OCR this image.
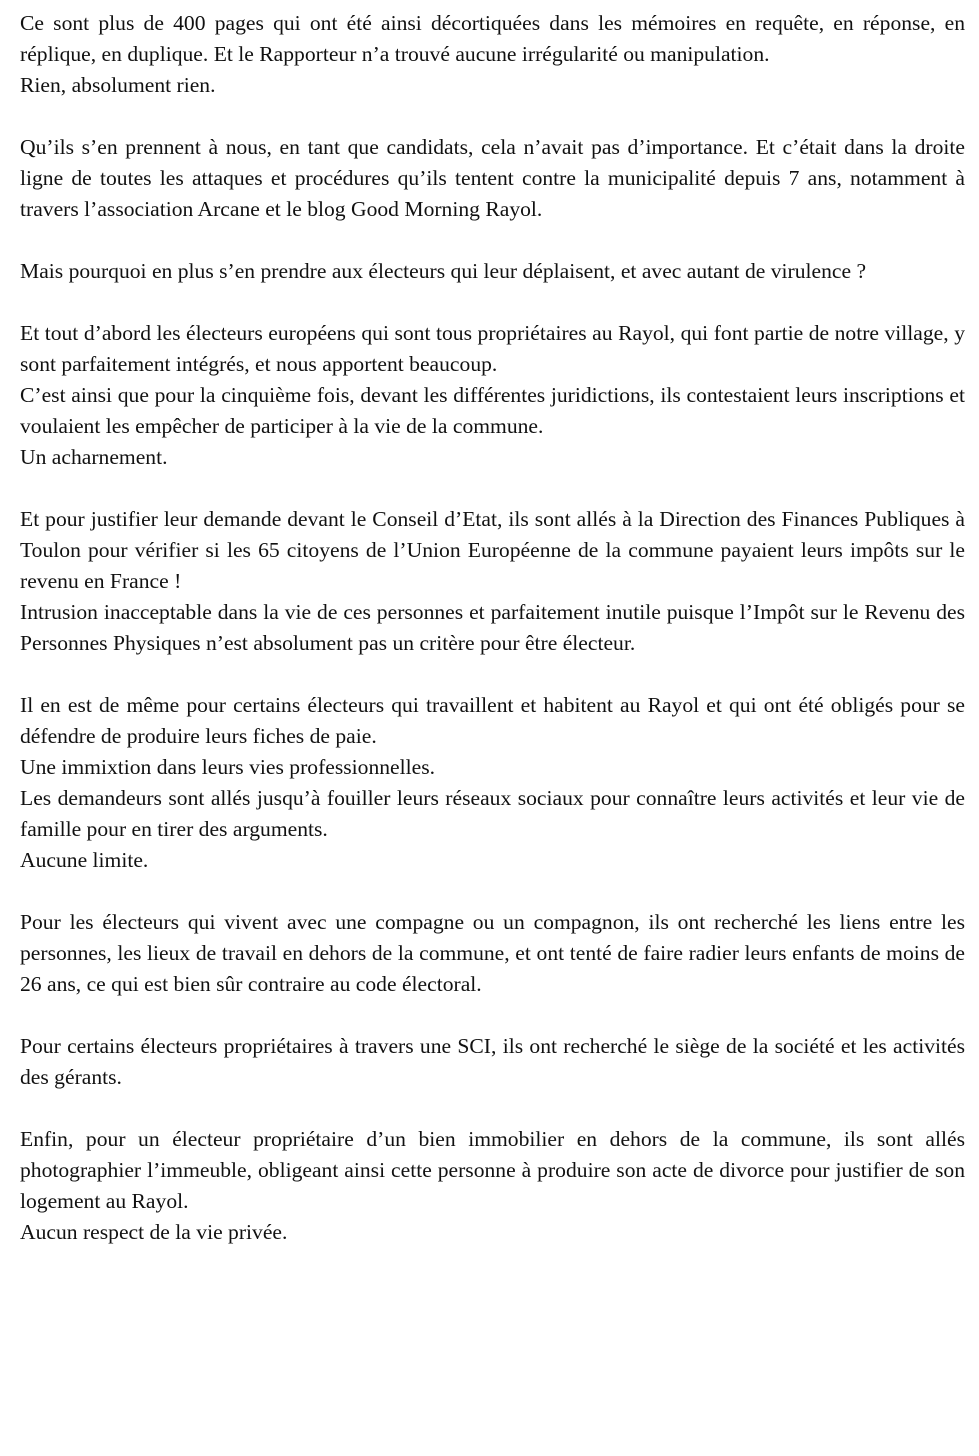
Ce sont plus de 400 pages qui ont été ainsi décortiquées dans les mémoires en requête, en réponse, en réplique, en duplique. Et le Rapporteur n’a trouvé aucune irrégularité ou manipulation.
Rien, absolument rien.
Qu’ils s’en prennent à nous, en tant que candidats, cela n’avait pas d’importance. Et c’était dans la droite ligne de toutes les attaques et procédures qu’ils tentent contre la municipalité depuis 7 ans, notamment à travers l’association Arcane et le blog Good Morning Rayol.
Mais pourquoi en plus s’en prendre aux électeurs qui leur déplaisent, et avec autant de virulence ?
Et tout d’abord les électeurs européens qui sont tous propriétaires au Rayol, qui font partie de notre village, y sont parfaitement intégrés, et nous apportent beaucoup.
C’est ainsi que pour la cinquième fois, devant les différentes juridictions, ils contestaient leurs inscriptions et voulaient les empêcher de participer à la vie de la commune.
Un acharnement.
Et pour justifier leur demande devant le Conseil d’Etat, ils sont allés à la Direction des Finances Publiques à Toulon pour vérifier si les 65 citoyens de l’Union Européenne de la commune payaient leurs impôts sur le revenu en France !
Intrusion inacceptable dans la vie de ces personnes et parfaitement inutile puisque l’Impôt sur le Revenu des Personnes Physiques n’est absolument pas un critère pour être électeur.
Il en est de même pour certains électeurs qui travaillent et habitent au Rayol et qui ont été obligés pour se défendre de produire leurs fiches de paie.
Une immixtion dans leurs vies professionnelles.
Les demandeurs sont allés jusqu’à fouiller leurs réseaux sociaux pour connaître leurs activités et leur vie de famille pour en tirer des arguments.
Aucune limite.
Pour les électeurs qui vivent avec une compagne ou un compagnon, ils ont recherché les liens entre les personnes, les lieux de travail en dehors de la commune, et ont tenté de faire radier leurs enfants de moins de 26 ans, ce qui est bien sûr contraire au code électoral.
Pour certains électeurs propriétaires à travers une SCI, ils ont recherché le siège de la société et les activités des gérants.
Enfin, pour un électeur propriétaire d’un bien immobilier en dehors de la commune, ils sont allés photographier l’immeuble, obligeant ainsi cette personne à produire son acte de divorce pour justifier de son logement au Rayol.
Aucun respect de la vie privée.
